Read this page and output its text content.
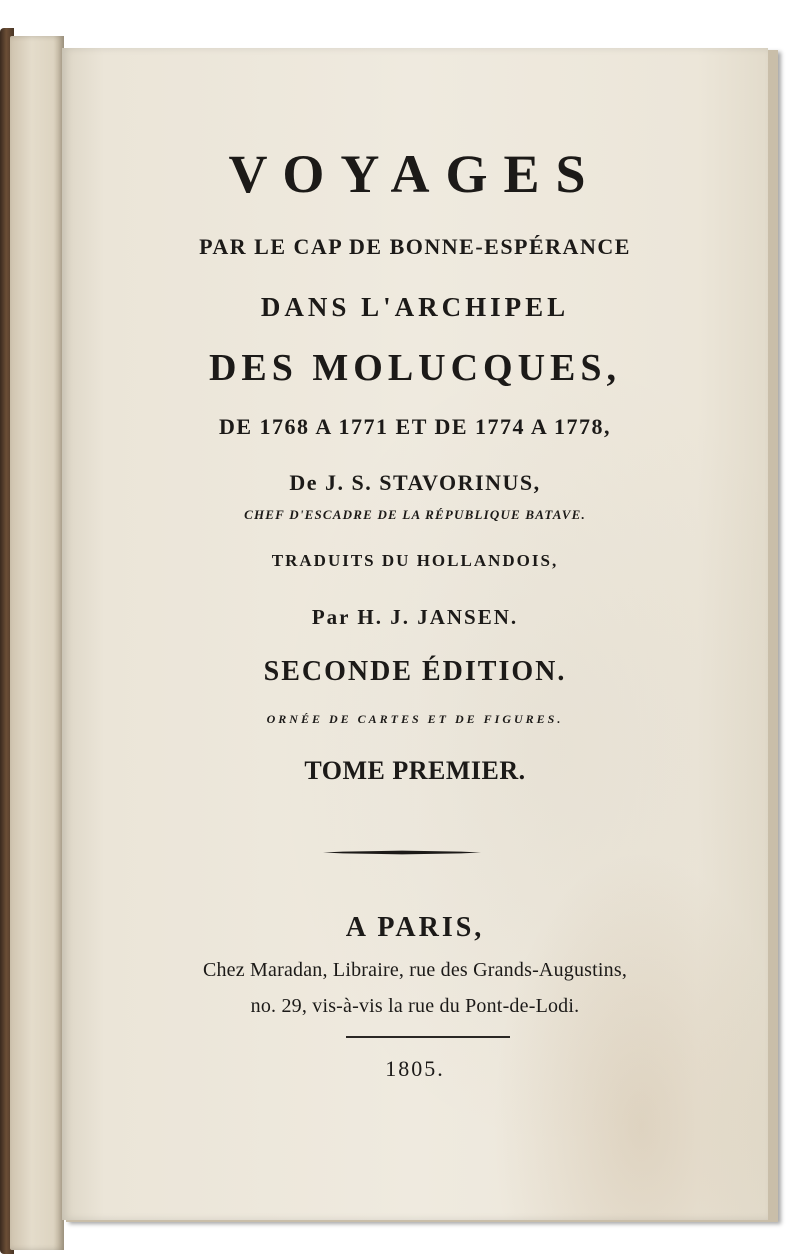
VOYAGES
PAR LE CAP DE BONNE-ESPÉRANCE
DANS L'ARCHIPEL
DES MOLUCQUES,
DE 1768 A 1771 ET DE 1774 A 1778,
De J. S. STAVORINUS,
CHEF D'ESCADRE DE LA RÉPUBLIQUE BATAVE.
TRADUITS DU HOLLANDOIS,
Par H. J. JANSEN.
SECONDE ÉDITION.
ORNÉE DE CARTES ET DE FIGURES.
TOME PREMIER.
A PARIS,
Chez Maradan, Libraire, rue des Grands-Augustins,
no. 29, vis-à-vis la rue du Pont-de-Lodi.
1805.
